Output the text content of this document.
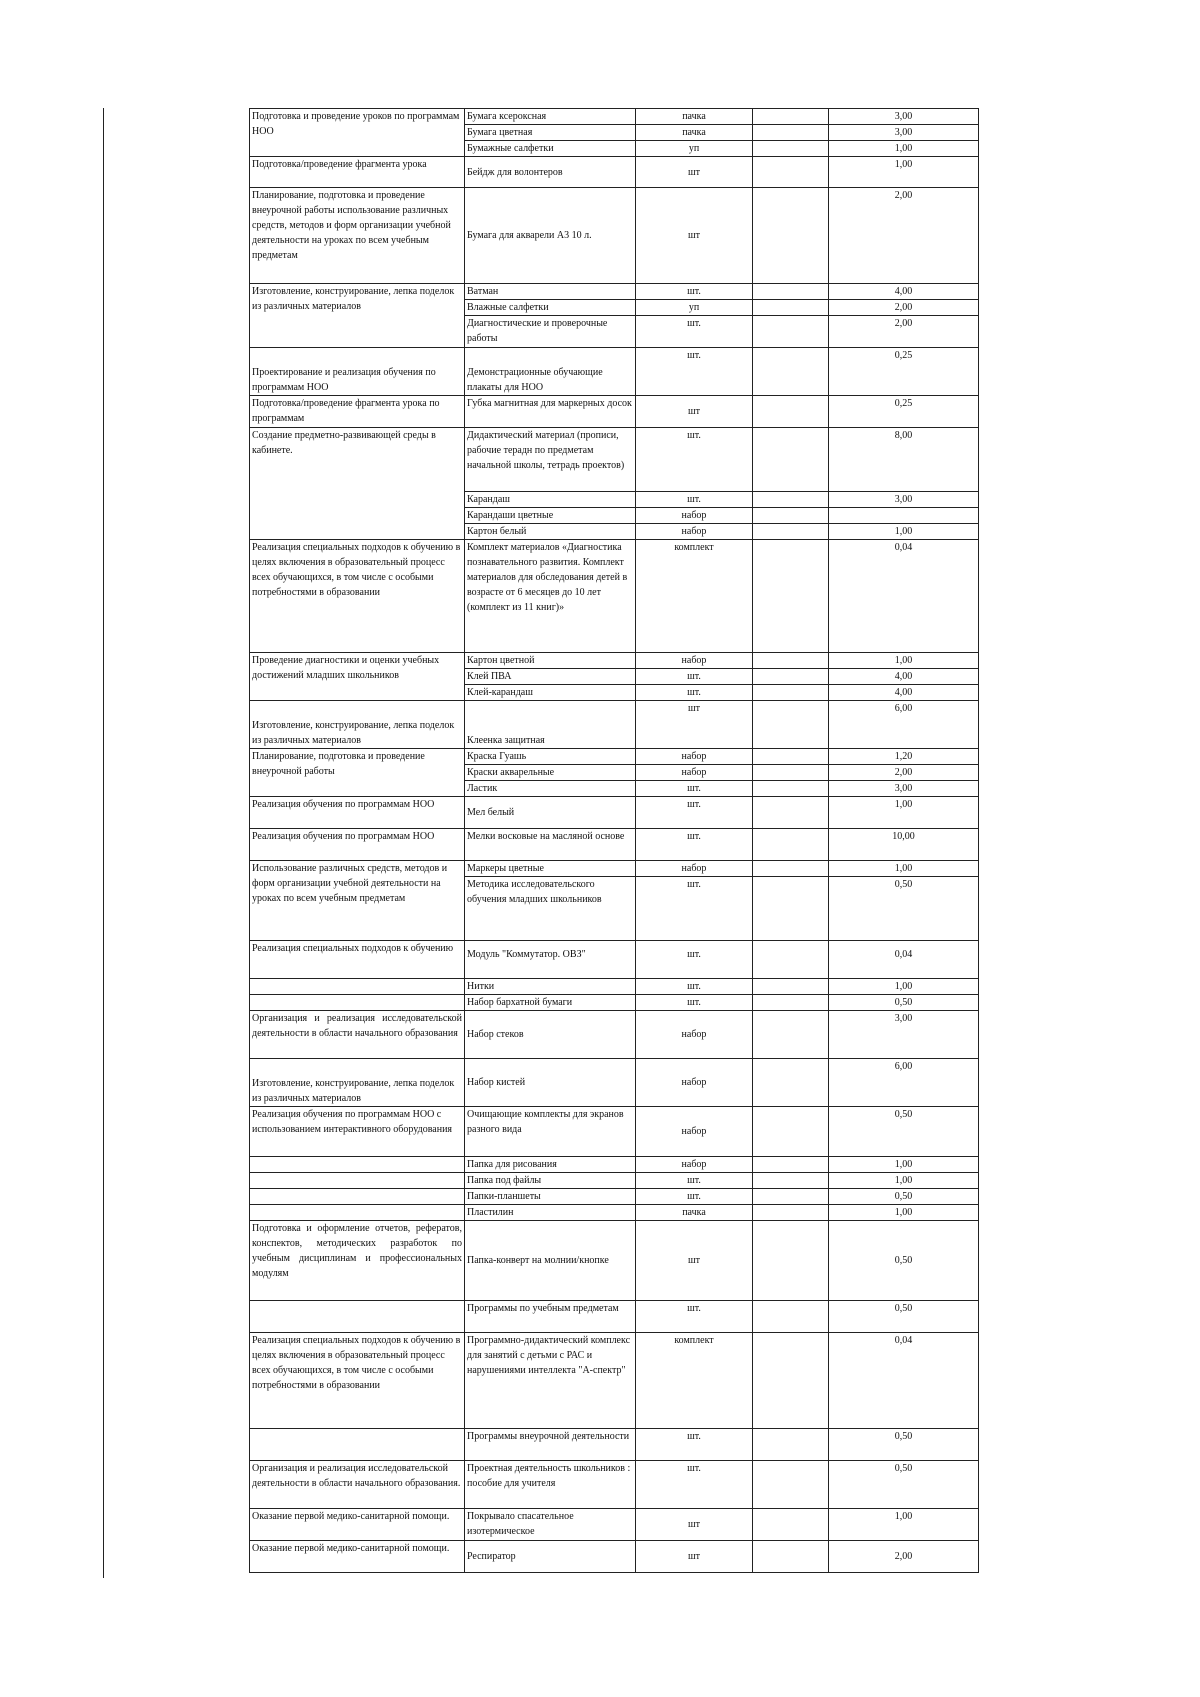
Подготовка и проведение уроков по программам НОО	Бумага ксероксная	пачка		3,00
	Бумага цветная	пачка		3,00
	Бумажные салфетки	уп		1,00
Подготовка/проведение фрагмента урока	Бейдж для волонтеров	шт		1,00
Планирование, подготовка и проведение внеурочной работы использование различных средств, методов и форм организации учебной деятельности на уроках по всем учебным предметам	Бумага для акварели А3 10 л.	шт		2,00
Изготовление, конструирование, лепка поделок из различных материалов	Ватман	шт.		4,00
	Влажные салфетки	уп		2,00
	Диагностические и проверочные работы	шт.		2,00
Проектирование и реализация обучения по программам НОО	Демонстрационные обучающие плакаты для НОО	шт.		0,25
Подготовка/проведение фрагмента урока по программам	Губка магнитная для маркерных досок	шт		0,25
Создание предметно-развивающей среды в кабинете.	Дидактический материал (прописи, рабочие терадн по предметам начальной школы, тетрадь проектов)	шт.		8,00
	Карандаш	шт.		3,00
	Карандаши цветные	набор		
	Картон белый	набор		1,00
Реализация специальных подходов к обучению в целях включения в образовательный процесс всех обучающихся, в том числе с особыми потребностями в образовании	Комплект материалов «Диагностика познавательного развития. Комплект материалов для обследования детей в возрасте от 6 месяцев до 10 лет (комплект из 11 книг)»	комплект		0,04
Проведение диагностики и оценки учебных достижений младших школьников	Картон цветной	набор		1,00
	Клей ПВА	шт.		4,00
	Клей-карандаш	шт.		4,00
Изготовление, конструирование, лепка поделок из различных материалов	Клеенка защитная	шт		6,00
Планирование, подготовка и проведение внеурочной работы	Краска Гуашь	набор		1,20
	Краски акварельные	набор		2,00
	Ластик	шт.		3,00
Реализация обучения по программам НОО	Мел белый	шт.		1,00
Реализация обучения по программам НОО	Мелки восковые на масляной основе	шт.		10,00
Использование различных средств, методов и форм организации учебной деятельности на уроках по всем учебным предметам	Маркеры цветные	набор		1,00
	Методика исследовательского обучения младших школьников	шт.		0,50
Реализация специальных подходов к обучению	Модуль "Коммутатор. ОВЗ"	шт.		0,04
	Нитки	шт.		1,00
	Набор бархатной бумаги	шт.		0,50
Организация и реализация исследовательской деятельности в области начального образования	Набор стеков	набор		3,00
Изготовление, конструирование, лепка поделок из различных материалов	Набор кистей	набор		6,00
Реализация обучения по программам НОО с использованием интерактивного оборудования	Очищающие комплекты для экранов разного вида	набор		0,50
	Папка для рисования	набор		1,00
	Папка под файлы	шт.		1,00
	Папки-планшеты	шт.		0,50
	Пластилин	пачка		1,00
Подготовка и оформление отчетов, рефератов, конспектов, методических разработок по учебным дисциплинам и профессиональных модулям	Папка-конверт на молнии/кнопке	шт		0,50
	Программы по учебным предметам	шт.		0,50
Реализация специальных подходов к обучению в целях включения в образовательный процесс всех обучающихся, в том числе с особыми потребностями в образовании	Программно-дидактический комплекс для занятий с детьми с РАС и нарушениями интеллекта "А-спектр"	комплект		0,04
	Программы внеурочной деятельности	шт.		0,50
Организация и реализация исследовательской деятельности в области начального образования.	Проектная деятельность школьников : пособие для учителя	шт.		0,50
Оказание первой медико-санитарной помощи.	Покрывало спасательное изотермическое	шт		1,00
Оказание первой медико-санитарной помощи.	Респиратор	шт		2,00
